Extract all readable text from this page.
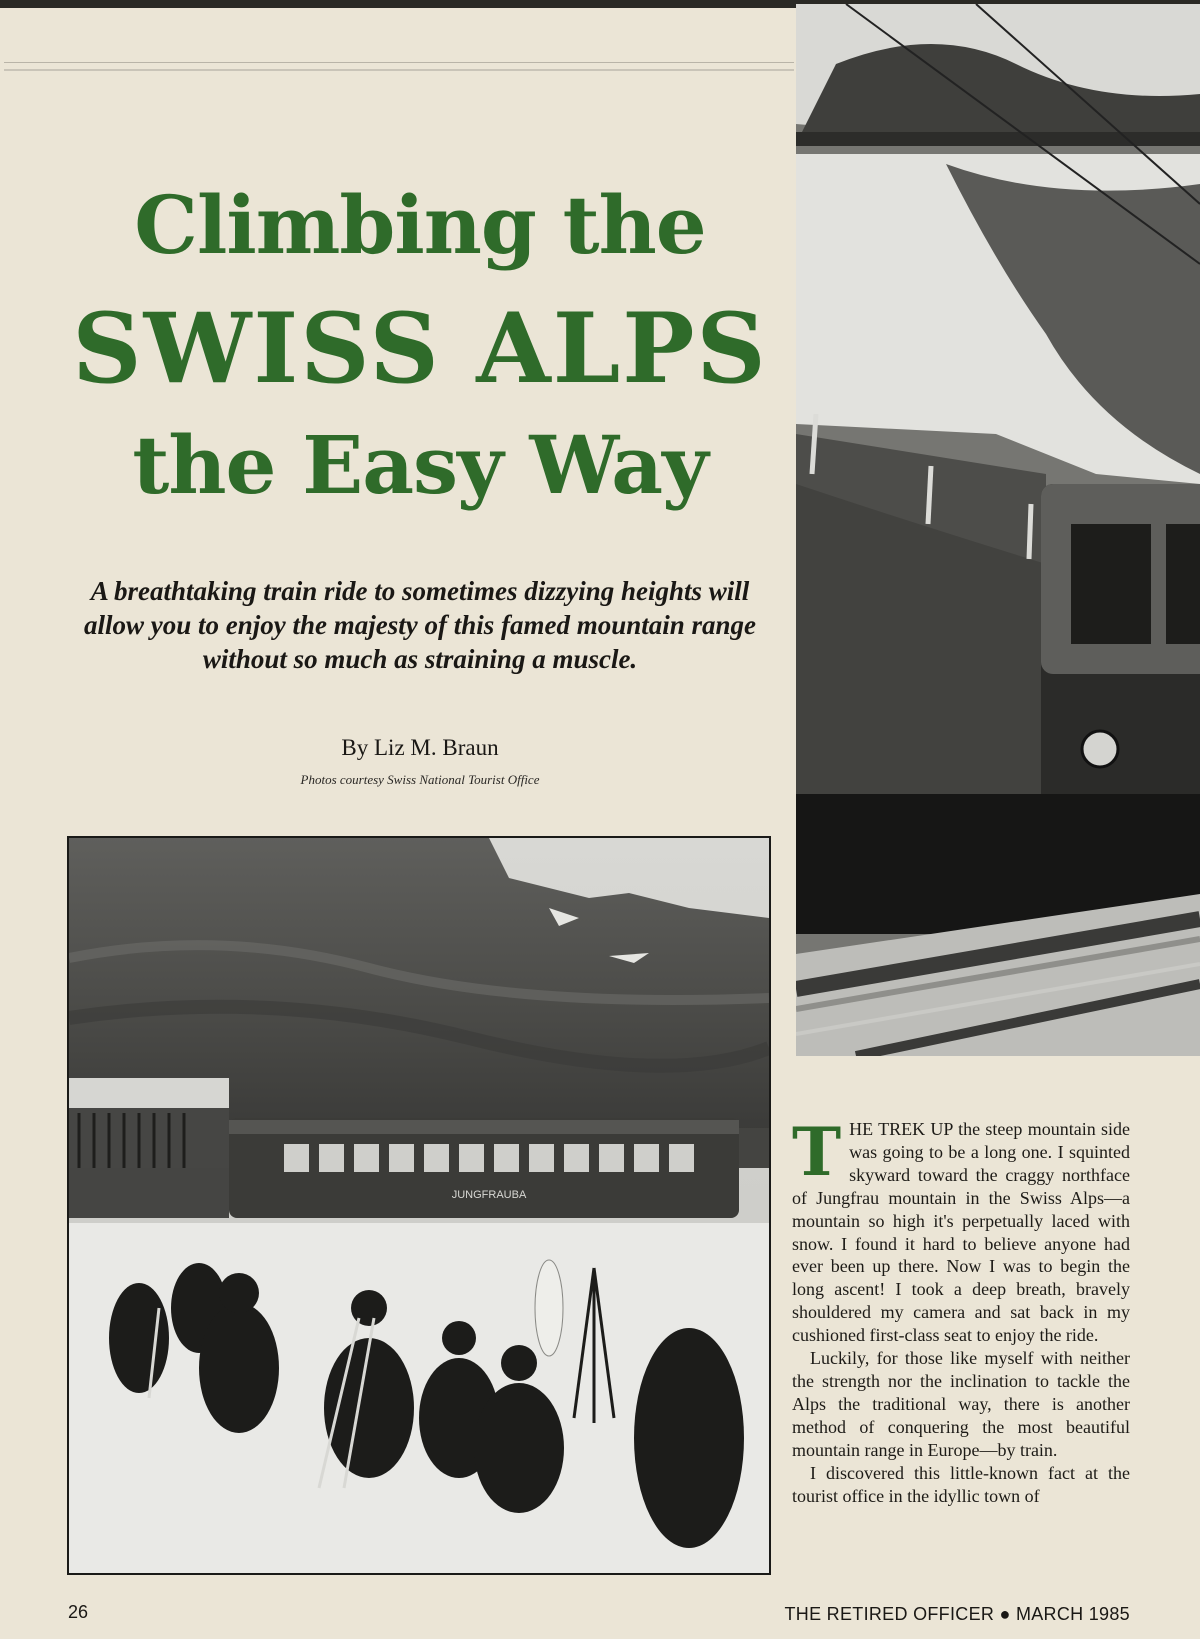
Climbing the
SWISS ALPS
the Easy Way
A breathtaking train ride to sometimes dizzying heights will allow you to enjoy the majesty of this famed mountain range without so much as straining a muscle.
By Liz M. Braun
Photos courtesy Swiss National Tourist Office
JUNGFRAUBA

THE TREK UP the steep mountain side was going to be a long one. I squinted skyward toward the craggy northface of Jungfrau mountain in the Swiss Alps—a mountain so high it's perpetually laced with snow. I found it hard to believe anyone had ever been up there. Now I was to begin the long ascent! I took a deep breath, bravely shouldered my camera and sat back in my cushioned first-class seat to enjoy the ride.

Luckily, for those like myself with neither the strength nor the inclination to tackle the Alps the traditional way, there is another method of conquering the most beautiful mountain range in Europe—by train.

I discovered this little-known fact at the tourist office in the idyllic town of

26	THE RETIRED OFFICER ● MARCH 1985
